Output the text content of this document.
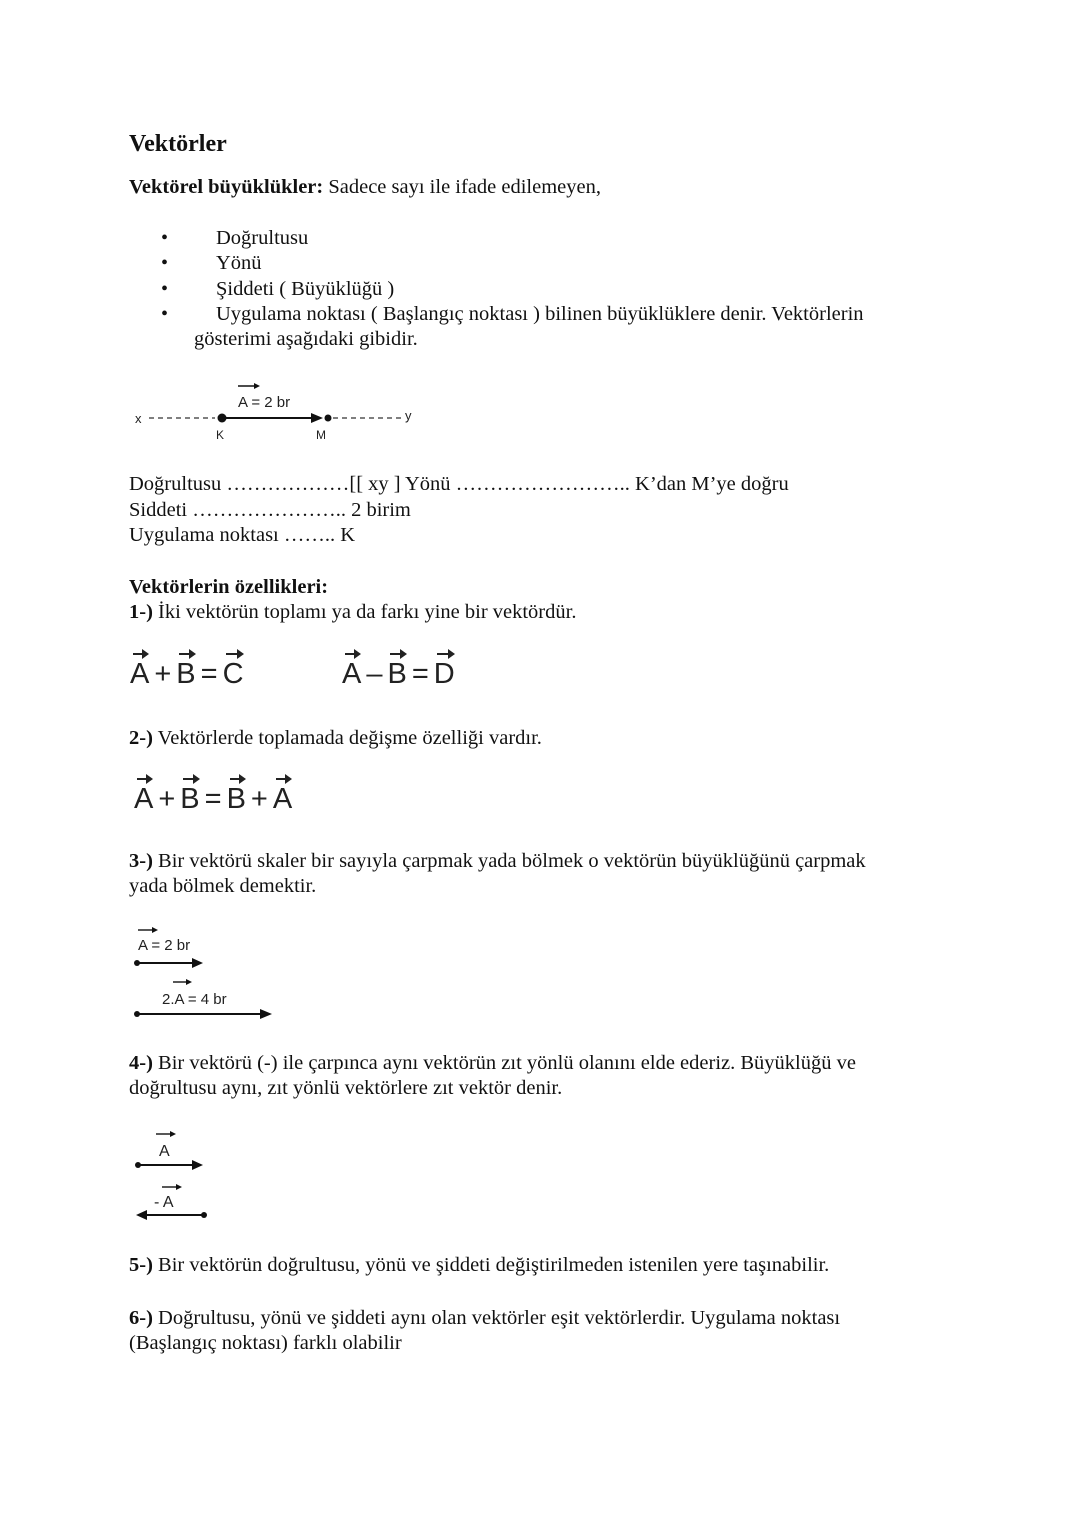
Vektörler
Vektörel büyüklükler: Sadece sayı ile ifade edilemeyen,
• Doğrultusu
• Yönü
• Şiddeti ( Büyüklüğü )
• Uygulama noktası ( Başlangıç noktası ) bilinen büyüklüklere denir. Vektörlerin
gösterimi aşağıdaki gibidir.
x	y
A = 2 br
K	M
Doğrultusu ………………[[ xy ] Yönü …………………….. K’dan M’ye doğru
Siddeti ………………….. 2 birim
Uygulama noktası …….. K
Vektörlerin özellikleri:
1-) İki vektörün toplamı ya da farkı yine bir vektördür.
A + B = C	A – B = D
2-) Vektörlerde toplamada değişme özelliği vardır.
A + B = B + A
3-) Bir vektörü skaler bir sayıyla çarpmak yada bölmek o vektörün büyüklüğünü çarpmak
yada bölmek demektir.
A = 2 br
2.A = 4 br
4-) Bir vektörü (-) ile çarpınca aynı vektörün zıt yönlü olanını elde ederiz. Büyüklüğü ve
doğrultusu aynı, zıt yönlü vektörlere zıt vektör denir.
A
- A
5-) Bir vektörün doğrultusu, yönü ve şiddeti değiştirilmeden istenilen yere taşınabilir.
6-) Doğrultusu, yönü ve şiddeti aynı olan vektörler eşit vektörlerdir. Uygulama noktası
(Başlangıç noktası) farklı olabilir
